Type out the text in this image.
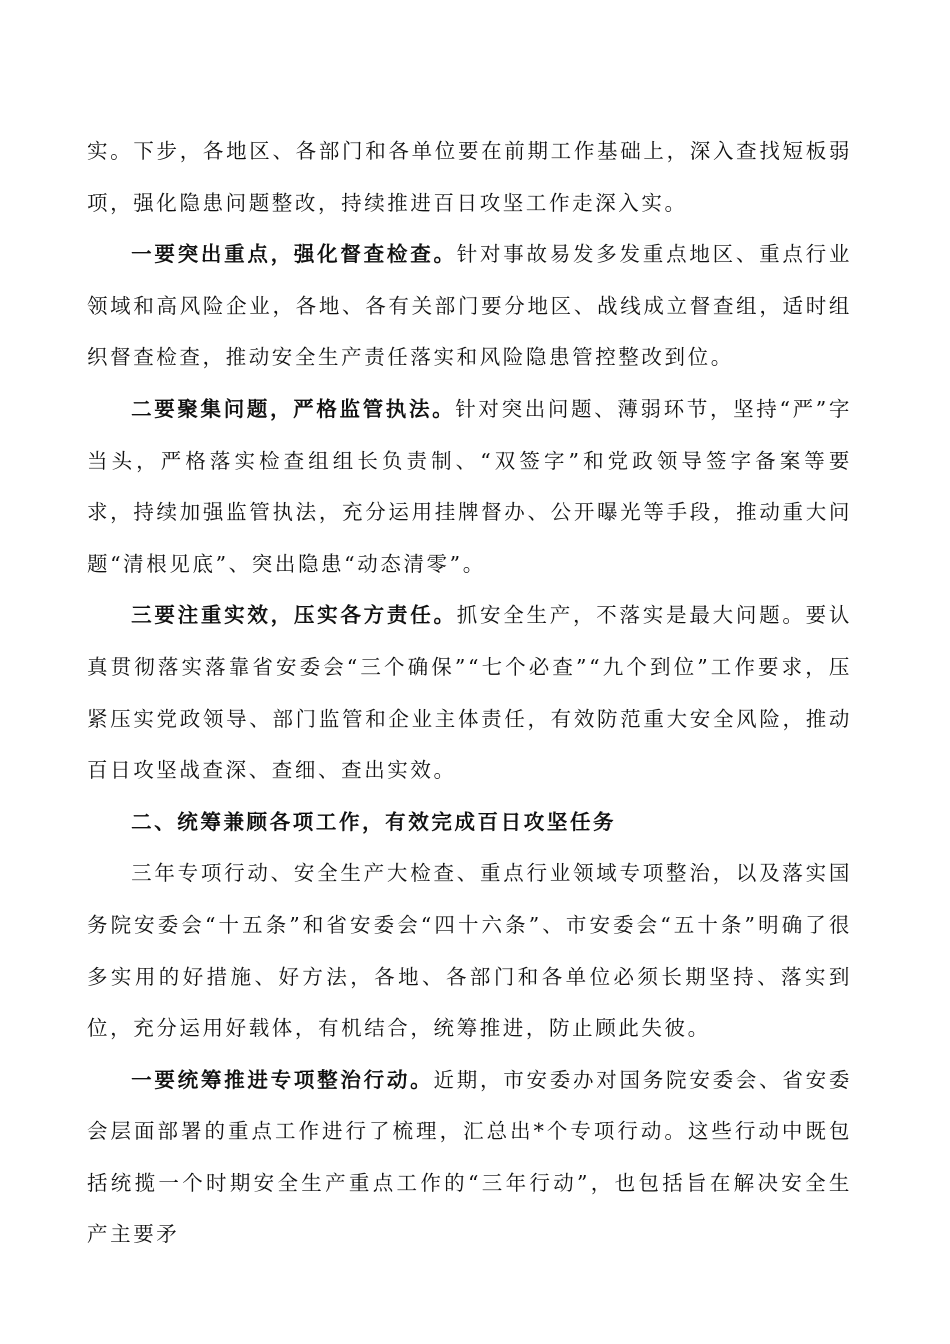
实。下步，各地区、各部门和各单位要在前期工作基础上，深入查找短板弱项，强化隐患问题整改，持续推进百日攻坚工作走深入实。

一要突出重点，强化督查检查。针对事故易发多发重点地区、重点行业领域和高风险企业，各地、各有关部门要分地区、战线成立督查组，适时组织督查检查，推动安全生产责任落实和风险隐患管控整改到位。

二要聚集问题，严格监管执法。针对突出问题、薄弱环节，坚持“严”字当头，严格落实检查组组长负责制、“双签字”和党政领导签字备案等要求，持续加强监管执法，充分运用挂牌督办、公开曝光等手段，推动重大问题“清根见底”、突出隐患“动态清零”。

三要注重实效，压实各方责任。抓安全生产，不落实是最大问题。要认真贯彻落实落靠省安委会“三个确保”“七个必查”“九个到位”工作要求，压紧压实党政领导、部门监管和企业主体责任，有效防范重大安全风险，推动百日攻坚战查深、查细、查出实效。

二、统筹兼顾各项工作，有效完成百日攻坚任务

三年专项行动、安全生产大检查、重点行业领域专项整治，以及落实国务院安委会“十五条”和省安委会“四十六条”、市安委会“五十条”明确了很多实用的好措施、好方法，各地、各部门和各单位必须长期坚持、落实到位，充分运用好载体，有机结合，统筹推进，防止顾此失彼。

一要统筹推进专项整治行动。近期，市安委办对国务院安委会、省安委会层面部署的重点工作进行了梳理，汇总出*个专项行动。这些行动中既包括统揽一个时期安全生产重点工作的“三年行动”，也包括旨在解决安全生产主要矛
